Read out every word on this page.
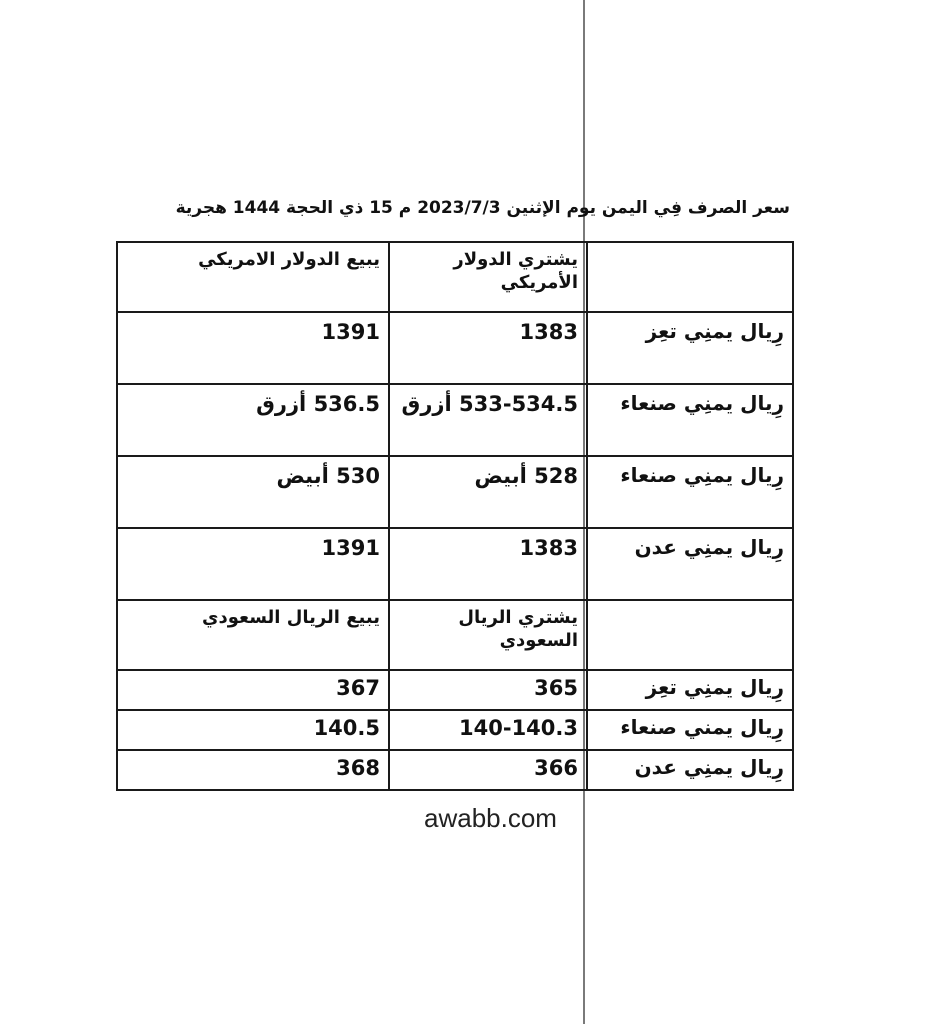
سعر الصرف فِي اليمن يوم الإثنين 2023/7/3 م 15 ذي الحجة 1444 هجرية
	يشتري الدولار الأمريكي	يبيع الدولار الامريكي
رِيال يمنِي تعِز	1383	1391
رِيال يمنِي صنعاء	533-534.5 أزرق	536.5 أزرق
رِيال يمنِي صنعاء	528 أبيض	530 أبيض
رِيال يمنِي عدن	1383	1391
	يشتري الريال السعودي	يبيع الريال السعودي
رِيال يمنِي تعِز	365	367
رِيال يمني صنعاء	140-140.3	140.5
رِيال يمنِي عدن	366	368
awabb.com
